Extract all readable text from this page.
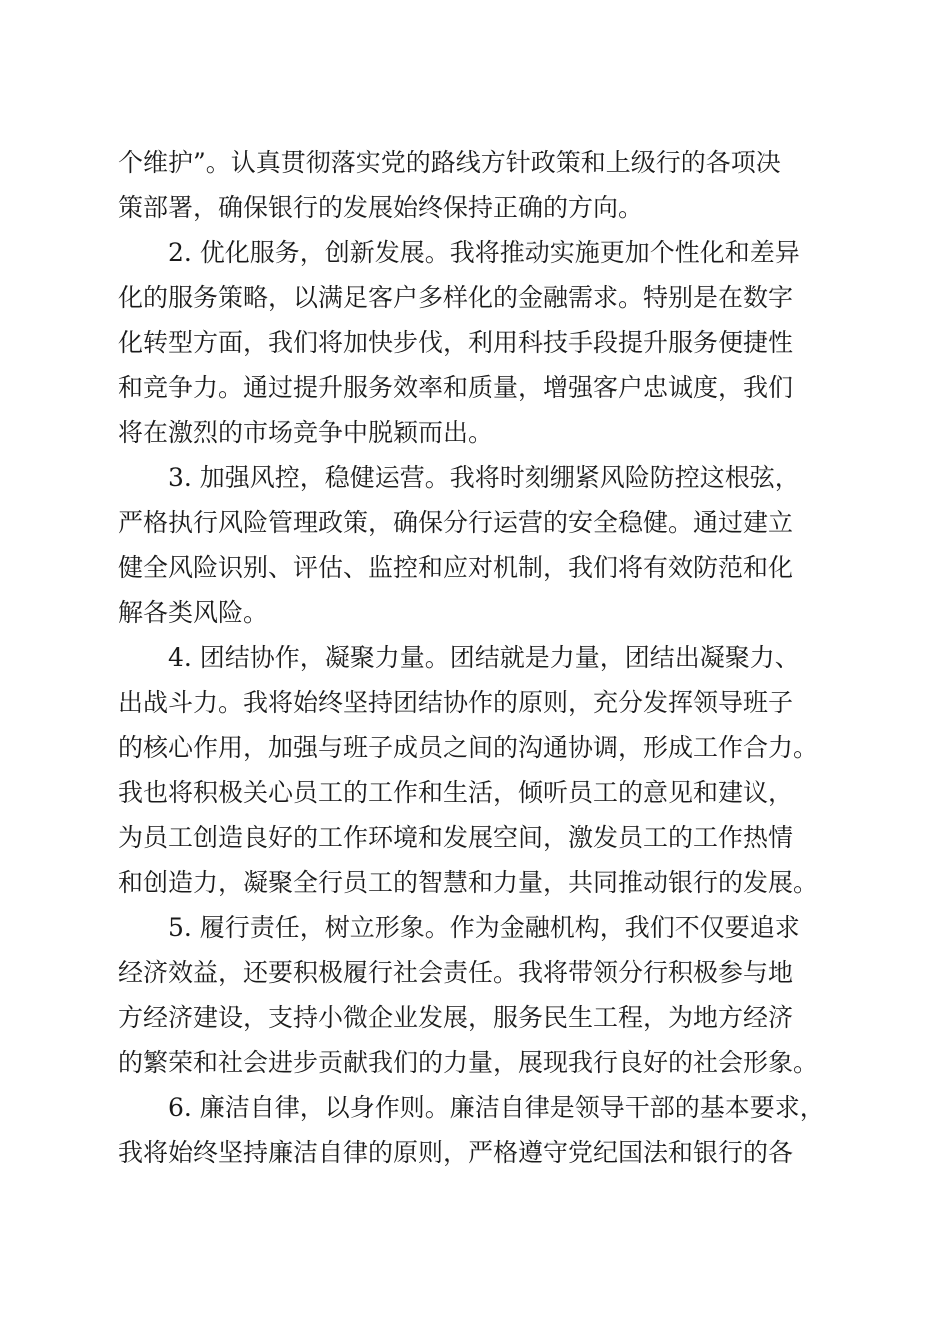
个维护”。认真贯彻落实党的路线方针政策和上级行的各项决
策部署，确保银行的发展始终保持正确的方向。
2. 优化服务，创新发展。我将推动实施更加个性化和差异
化的服务策略，以满足客户多样化的金融需求。特别是在数字
化转型方面，我们将加快步伐，利用科技手段提升服务便捷性
和竞争力。通过提升服务效率和质量，增强客户忠诚度，我们
将在激烈的市场竞争中脱颖而出。
3. 加强风控，稳健运营。我将时刻绷紧风险防控这根弦，
严格执行风险管理政策，确保分行运营的安全稳健。通过建立
健全风险识别、评估、监控和应对机制，我们将有效防范和化
解各类风险。
4. 团结协作，凝聚力量。团结就是力量，团结出凝聚力、
出战斗力。我将始终坚持团结协作的原则，充分发挥领导班子
的核心作用，加强与班子成员之间的沟通协调，形成工作合力。
我也将积极关心员工的工作和生活，倾听员工的意见和建议，
为员工创造良好的工作环境和发展空间，激发员工的工作热情
和创造力，凝聚全行员工的智慧和力量，共同推动银行的发展。
5. 履行责任，树立形象。作为金融机构，我们不仅要追求
经济效益，还要积极履行社会责任。我将带领分行积极参与地
方经济建设，支持小微企业发展，服务民生工程，为地方经济
的繁荣和社会进步贡献我们的力量，展现我行良好的社会形象。
6. 廉洁自律，以身作则。廉洁自律是领导干部的基本要求，
我将始终坚持廉洁自律的原则，严格遵守党纪国法和银行的各
